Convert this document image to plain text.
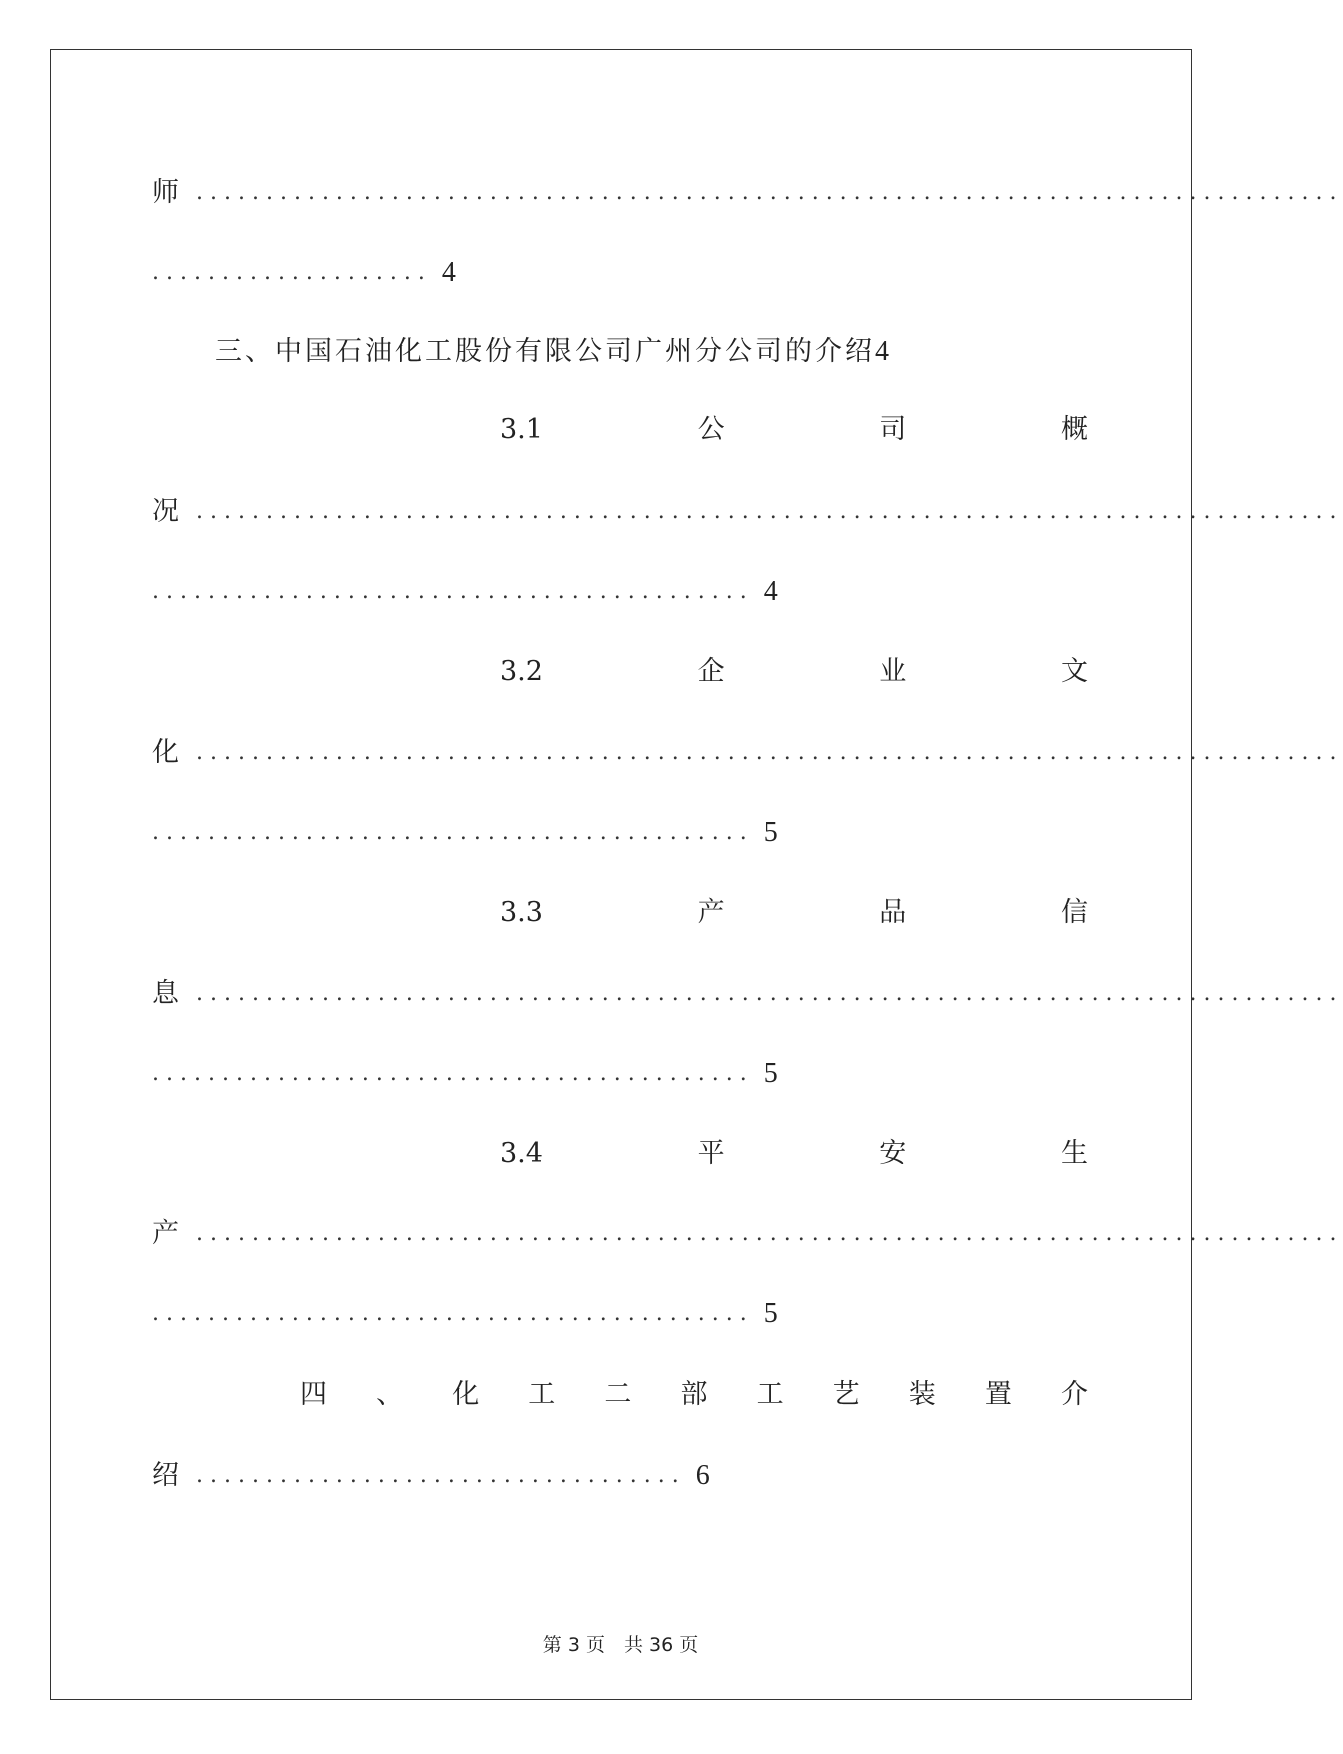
师 ..................................................................................
.................... 4
三、中国石油化工股份有限公司广州分公司的介绍4
3.1	公	司	概
况 ..................................................................................
........................................... 4
3.2	企	业	文
化 ..................................................................................
........................................... 5
3.3	产	品	信
息 ..................................................................................
........................................... 5
3.4	平	安	生
产 ..................................................................................
........................................... 5
四 、 化 工 二 部 工 艺 装 置 介
绍 ................................... 6
第 3 页　共 36 页
